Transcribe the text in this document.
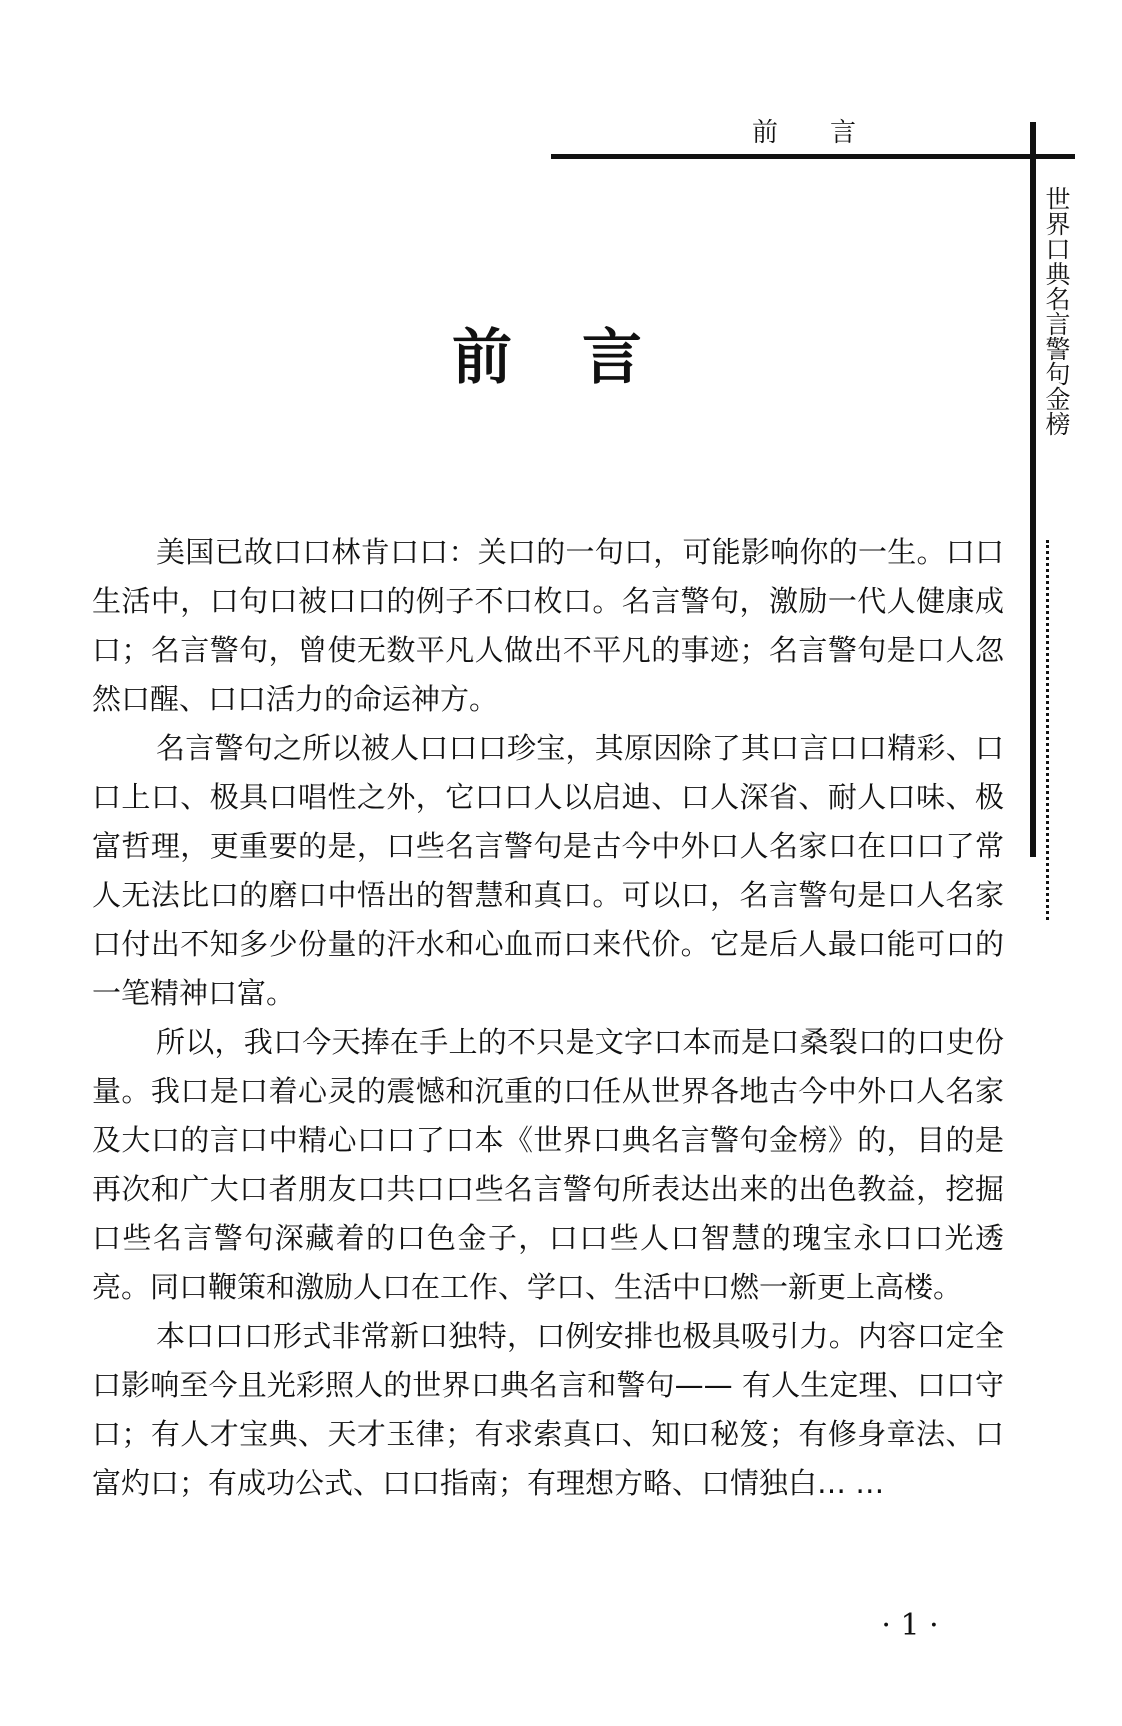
前言
世界口典名言警句金榜
前言

美国已故口口林肯口口：关口的一句口，可能影响你的一生。口口生活中，口句口被口口的例子不口枚口。名言警句，激励一代人健康成口；名言警句，曾使无数平凡人做出不平凡的事迹；名言警句是口人忽然口醒、口口活力的命运神方。

名言警句之所以被人口口口珍宝，其原因除了其口言口口精彩、口口上口、极具口唱性之外，它口口人以启迪、口人深省、耐人口味、极富哲理，更重要的是，口些名言警句是古今中外口人名家口在口口了常人无法比口的磨口中悟出的智慧和真口。可以口，名言警句是口人名家口付出不知多少份量的汗水和心血而口来代价。它是后人最口能可口的一笔精神口富。

所以，我口今天捧在手上的不只是文字口本而是口桑裂口的口史份量。我口是口着心灵的震憾和沉重的口任从世界各地古今中外口人名家及大口的言口中精心口口了口本《世界口典名言警句金榜》的，目的是再次和广大口者朋友口共口口些名言警句所表达出来的出色教益，挖掘口些名言警句深藏着的口色金子，口口些人口智慧的瑰宝永口口光透亮。同口鞭策和激励人口在工作、学口、生活中口燃一新更上高楼。

本口口口形式非常新口独特，口例安排也极具吸引力。内容口定全口影响至今且光彩照人的世界口典名言和警句—— 有人生定理、口口守口；有人才宝典、天才玉律；有求索真口、知口秘笈；有修身章法、口富灼口；有成功公式、口口指南；有理想方略、口情独白… …

· 1 ·
